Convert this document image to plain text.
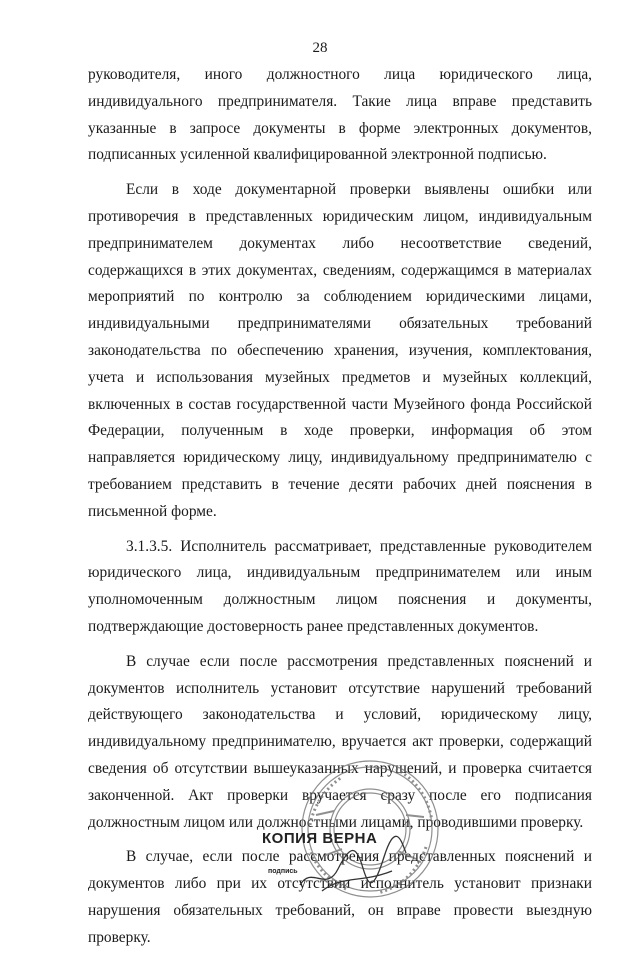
28

руководителя, иного должностного лица юридического лица, индивидуального предпринимателя. Такие лица вправе представить указанные в запросе документы в форме электронных документов, подписанных усиленной квалифицированной электронной подписью.

Если в ходе документарной проверки выявлены ошибки или противоречия в представленных юридическим лицом, индивидуальным предпринимателем документах либо несоответствие сведений, содержащихся в этих документах, сведениям, содержащимся в материалах мероприятий по контролю за соблюдением юридическими лицами, индивидуальными предпринимателями обязательных требований законодательства по обеспечению хранения, изучения, комплектования, учета и использования музейных предметов и музейных коллекций, включенных в состав государственной части Музейного фонда Российской Федерации, полученным в ходе проверки, информация об этом направляется юридическому лицу, индивидуальному предпринимателю с требованием представить в течение десяти рабочих дней пояснения в письменной форме.

3.1.3.5. Исполнитель рассматривает, представленные руководителем юридического лица, индивидуальным предпринимателем или иным уполномоченным должностным лицом пояснения и документы, подтверждающие достоверность ранее представленных документов.

В случае если после рассмотрения представленных пояснений и документов исполнитель установит отсутствие нарушений требований действующего законодательства и условий, юридическому лицу, индивидуальному предпринимателю, вручается акт проверки, содержащий сведения об отсутствии вышеуказанных нарушений, и проверка считается законченной. Акт проверки вручается сразу после его подписания должностным лицом или должностными лицами, проводившими проверку.

В случае, если после рассмотрения представленных пояснений и документов либо при их отсутствии исполнитель установит признаки нарушения обязательных требований, он вправе провести выездную проверку.

КОПИЯ ВЕРНА
подпись
